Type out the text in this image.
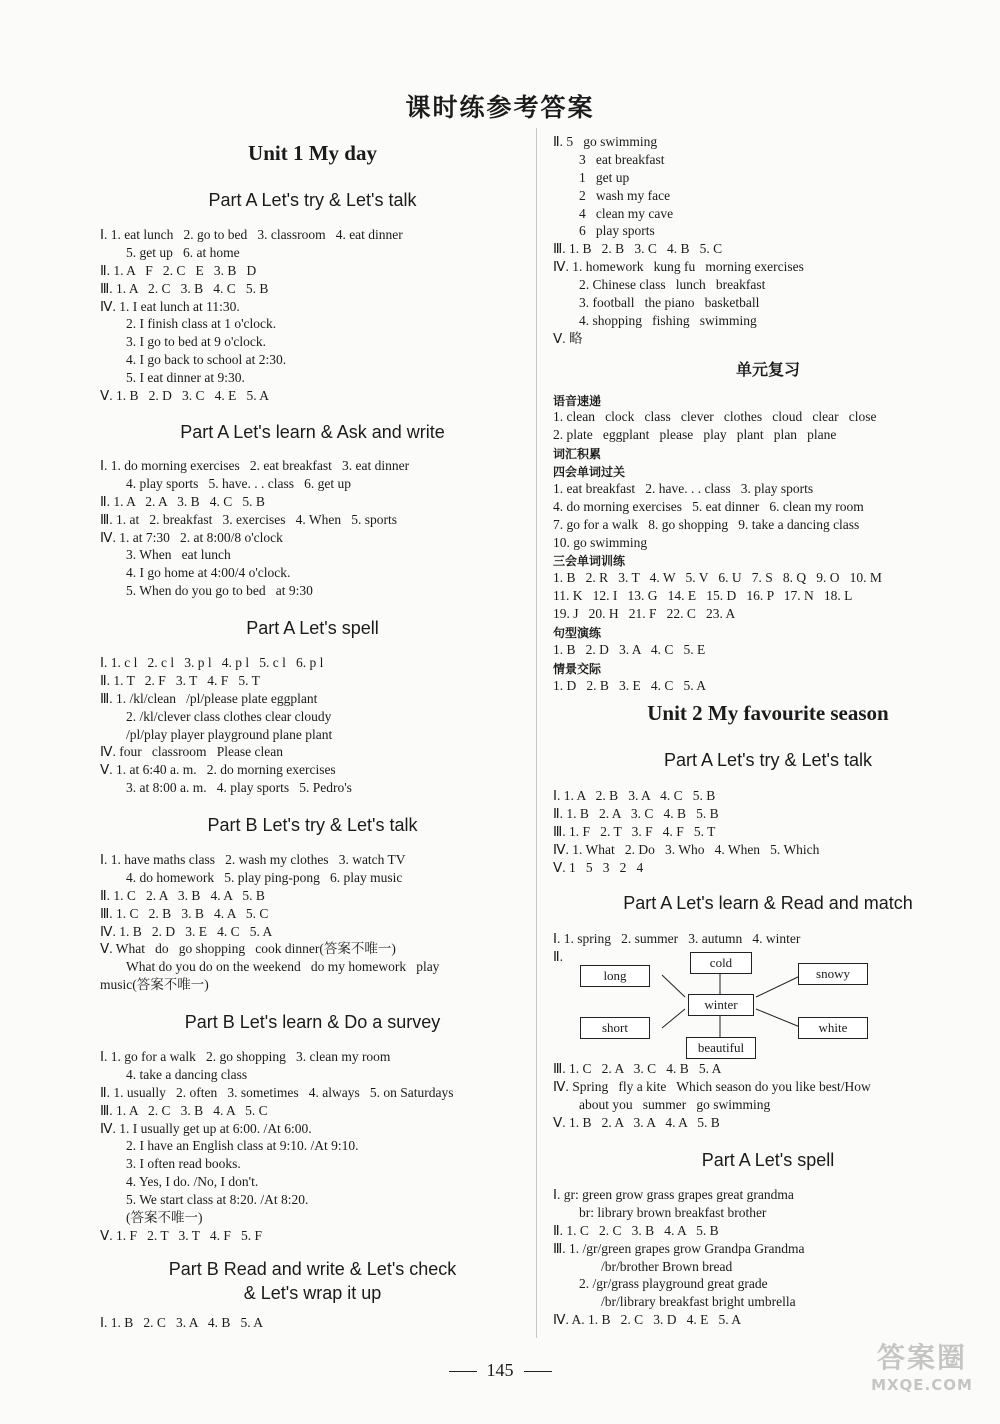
课时练参考答案
Unit 1 My day
Part A Let's try & Let's talk
Ⅰ. 1. eat lunch   2. go to bed   3. classroom   4. eat dinner
5. get up   6. at home
Ⅱ. 1. A   F   2. C   E   3. B   D
Ⅲ. 1. A   2. C   3. B   4. C   5. B
Ⅳ. 1. I eat lunch at 11:30.
2. I finish class at 1 o'clock.
3. I go to bed at 9 o'clock.
4. I go back to school at 2:30.
5. I eat dinner at 9:30.
Ⅴ. 1. B   2. D   3. C   4. E   5. A
Part A Let's learn & Ask and write
Ⅰ. 1. do morning exercises   2. eat breakfast   3. eat dinner
4. play sports   5. have. . . class   6. get up
Ⅱ. 1. A   2. A   3. B   4. C   5. B
Ⅲ. 1. at   2. breakfast   3. exercises   4. When   5. sports
Ⅳ. 1. at 7:30   2. at 8:00/8 o'clock
3. When   eat lunch
4. I go home at 4:00/4 o'clock.
5. When do you go to bed   at 9:30
Part A Let's spell
Ⅰ. 1. c l   2. c l   3. p l   4. p l   5. c l   6. p l
Ⅱ. 1. T   2. F   3. T   4. F   5. T
Ⅲ. 1. /kl/clean   /pl/please plate eggplant
2. /kl/clever class clothes clear cloudy
/pl/play player playground plane plant
Ⅳ. four   classroom   Please clean
Ⅴ. 1. at 6:40 a. m.   2. do morning exercises
3. at 8:00 a. m.   4. play sports   5. Pedro's
Part B Let's try & Let's talk
Ⅰ. 1. have maths class   2. wash my clothes   3. watch TV
4. do homework   5. play ping-pong   6. play music
Ⅱ. 1. C   2. A   3. B   4. A   5. B
Ⅲ. 1. C   2. B   3. B   4. A   5. C
Ⅳ. 1. B   2. D   3. E   4. C   5. A
Ⅴ. What   do   go shopping   cook dinner(答案不唯一)
What do you do on the weekend   do my homework   play
music(答案不唯一)
Part B Let's learn & Do a survey
Ⅰ. 1. go for a walk   2. go shopping   3. clean my room
4. take a dancing class
Ⅱ. 1. usually   2. often   3. sometimes   4. always   5. on Saturdays
Ⅲ. 1. A   2. C   3. B   4. A   5. C
Ⅳ. 1. I usually get up at 6:00. /At 6:00.
2. I have an English class at 9:10. /At 9:10.
3. I often read books.
4. Yes, I do. /No, I don't.
5. We start class at 8:20. /At 8:20.
(答案不唯一)
Ⅴ. 1. F   2. T   3. T   4. F   5. F
Part B Read and write & Let's check
& Let's wrap it up
Ⅰ. 1. B   2. C   3. A   4. B   5. A
Ⅱ. 5   go swimming
3   eat breakfast
1   get up
2   wash my face
4   clean my cave
6   play sports
Ⅲ. 1. B   2. B   3. C   4. B   5. C
Ⅳ. 1. homework   kung fu   morning exercises
2. Chinese class   lunch   breakfast
3. football   the piano   basketball
4. shopping   fishing   swimming
Ⅴ. 略
单元复习
语音速递
1. clean   clock   class   clever   clothes   cloud   clear   close
2. plate   eggplant   please   play   plant   plan   plane
词汇积累
四会单词过关
1. eat breakfast   2. have. . . class   3. play sports
4. do morning exercises   5. eat dinner   6. clean my room
7. go for a walk   8. go shopping   9. take a dancing class
10. go swimming
三会单词训练
1. B   2. R   3. T   4. W   5. V   6. U   7. S   8. Q   9. O   10. M
11. K   12. I   13. G   14. E   15. D   16. P   17. N   18. L
19. J   20. H   21. F   22. C   23. A
句型演练
1. B   2. D   3. A   4. C   5. E
情景交际
1. D   2. B   3. E   4. C   5. A
Unit 2 My favourite season
Part A Let's try & Let's talk
Ⅰ. 1. A   2. B   3. A   4. C   5. B
Ⅱ. 1. B   2. A   3. C   4. B   5. B
Ⅲ. 1. F   2. T   3. F   4. F   5. T
Ⅳ. 1. What   2. Do   3. Who   4. When   5. Which
Ⅴ. 1   5   3   2   4
Part A Let's learn & Read and match
Ⅰ. 1. spring   2. summer   3. autumn   4. winter
Ⅱ.	cold
long	snowy
winter
short	white
beautiful
Ⅲ. 1. C   2. A   3. C   4. B   5. A
Ⅳ. Spring   fly a kite   Which season do you like best/How
about you   summer   go swimming
Ⅴ. 1. B   2. A   3. A   4. A   5. B
Part A Let's spell
Ⅰ. gr: green grow grass grapes great grandma
br: library brown breakfast brother
Ⅱ. 1. C   2. C   3. B   4. A   5. B
Ⅲ. 1. /gr/green grapes grow Grandpa Grandma
/br/brother Brown bread
2. /gr/grass playground great grade
/br/library breakfast bright umbrella
Ⅳ. A. 1. B   2. C   3. D   4. E   5. A
145	答案圈
MXQE.COM
